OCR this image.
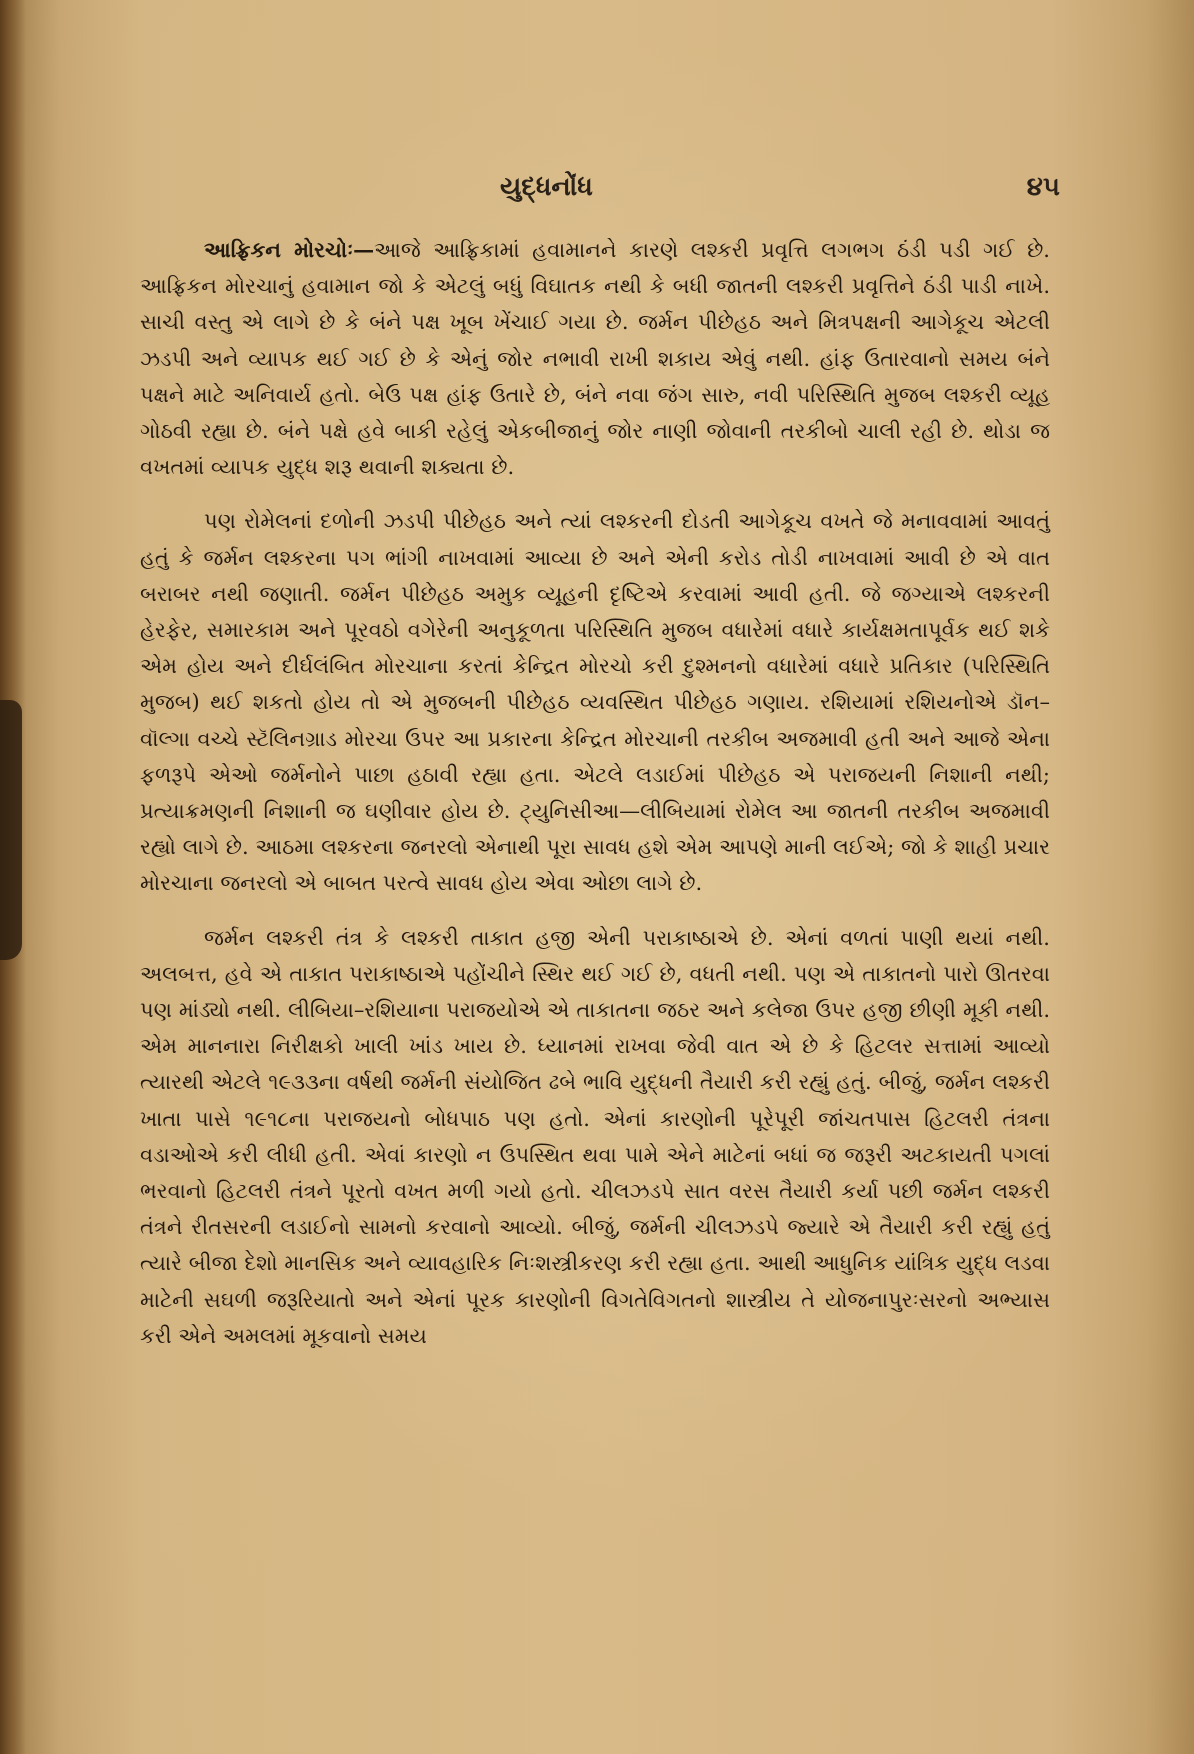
યુદ્ધનોંધ	૪૫

આફ્રિકન મોરચોઃ—આજે આફ્રિકામાં હવામાનને કારણે લશ્કરી પ્રવૃત્તિ લગભગ ઠંડી પડી ગઈ છે. આફ્રિકન મોરચાનું હવામાન જો કે એટલું બધું વિઘાતક નથી કે બધી જાતની લશ્કરી પ્રવૃત્તિને ઠંડી પાડી નાખે. સાચી વસ્તુ એ લાગે છે કે બંને પક્ષ ખૂબ ખેંચાઈ ગયા છે. જર્મન પીછેહઠ અને મિત્રપક્ષની આગેકૂચ એટલી ઝડપી અને વ્યાપક થઈ ગઈ છે કે એનું જોર નભાવી રાખી શકાય એવું નથી. હાંફ ઉતારવાનો સમય બંને પક્ષને માટે અનિવાર્ય હતો. બેઉ પક્ષ હાંફ ઉતારે છે, બંને નવા જંગ સારુ, નવી પરિસ્થિતિ મુજબ લશ્કરી વ્યૂહ ગોઠવી રહ્યા છે. બંને પક્ષે હવે બાકી રહેલું એકબીજાનું જોર નાણી જોવાની તરકીબો ચાલી રહી છે. થોડા જ વખતમાં વ્યાપક યુદ્ધ શરૂ થવાની શક્યતા છે.

પણ રોમેલનાં દળોની ઝડપી પીછેહઠ અને ત્યાં લશ્કરની દોડતી આગેકૂચ વખતે જે મનાવવામાં આવતું હતું કે જર્મન લશ્કરના પગ ભાંગી નાખવામાં આવ્યા છે અને એની કરોડ તોડી નાખવામાં આવી છે એ વાત બરાબર નથી જણાતી. જર્મન પીછેહઠ અમુક વ્યૂહની દૃષ્ટિએ કરવામાં આવી હતી. જે જગ્યાએ લશ્કરની હેરફેર, સમારકામ અને પૂરવઠો વગેરેની અનુકૂળતા પરિસ્થિતિ મુજબ વધારેમાં વધારે કાર્યક્ષમતાપૂર્વક થઈ શકે એમ હોય અને દીર્ઘલંબિત મોરચાના કરતાં કેન્દ્રિત મોરચો કરી દુશ્મનનો વધારેમાં વધારે પ્રતિકાર (પરિસ્થિતિ મુજબ) થઈ શકતો હોય તો એ મુજબની પીછેહઠ વ્યવસ્થિત પીછેહઠ ગણાય. રશિયામાં રશિયનોએ ડૉન–વૉલ્ગા વચ્ચે સ્ટૅલિનગ્રાડ મોરચા ઉપર આ પ્રકારના કેન્દ્રિત મોરચાની તરકીબ અજમાવી હતી અને આજે એના ફળરૂપે એઓ જર્મનોને પાછા હઠાવી રહ્યા હતા. એટલે લડાઈમાં પીછેહઠ એ પરાજયની નિશાની નથી; પ્રત્યાક્રમણની નિશાની જ ઘણીવાર હોય છે. ટ્યુનિસીઆ—લીબિયામાં રોમેલ આ જાતની તરકીબ અજમાવી રહ્યો લાગે છે. આઠમા લશ્કરના જનરલો એનાથી પૂરા સાવધ હશે એમ આપણે માની લઈએ; જો કે શાહી પ્રચાર મોરચાના જનરલો એ બાબત પરત્વે સાવધ હોય એવા ઓછા લાગે છે.

જર્મન લશ્કરી તંત્ર કે લશ્કરી તાકાત હજી એની પરાકાષ્ઠાએ છે. એનાં વળતાં પાણી થયાં નથી. અલબત્ત, હવે એ તાકાત પરાકાષ્ઠાએ પહોંચીને સ્થિર થઈ ગઈ છે, વધતી નથી. પણ એ તાકાતનો પારો ઊતરવા પણ માંડ્યો નથી. લીબિયા–રશિયાના પરાજયોએ એ તાકાતના જઠર અને કલેજા ઉપર હજી છીણી મૂકી નથી. એમ માનનારા નિરીક્ષકો ખાલી ખાંડ ખાય છે. ધ્યાનમાં રાખવા જેવી વાત એ છે કે હિટલર સત્તામાં આવ્યો ત્યારથી એટલે ૧૯૩૩ના વર્ષથી જર્મની સંયોજિત ઢબે ભાવિ યુદ્ધની તૈયારી કરી રહ્યું હતું. બીજું, જર્મન લશ્કરી ખાતા પાસે ૧૯૧૮ના પરાજયનો બોધપાઠ પણ હતો. એનાં કારણોની પૂરેપૂરી જાંચતપાસ હિટલરી તંત્રના વડાઓએ કરી લીધી હતી. એવાં કારણો ન ઉપસ્થિત થવા પામે એને માટેનાં બધાં જ જરૂરી અટકાયતી પગલાં ભરવાનો હિટલરી તંત્રને પૂરતો વખત મળી ગયો હતો. ચીલઝડપે સાત વરસ તૈયારી કર્યા પછી જર્મન લશ્કરી તંત્રને રીતસરની લડાઈનો સામનો કરવાનો આવ્યો. બીજું, જર્મની ચીલઝડપે જ્યારે એ તૈયારી કરી રહ્યું હતું ત્યારે બીજા દેશો માનસિક અને વ્યાવહારિક નિઃશસ્ત્રીકરણ કરી રહ્યા હતા. આથી આધુનિક યાંત્રિક યુદ્ધ લડવા માટેની સઘળી જરૂરિયાતો અને એનાં પૂરક કારણોની વિગતેવિગતનો શાસ્ત્રીય તે યોજનાપુરઃસરનો અભ્યાસ કરી એને અમલમાં મૂકવાનો સમય
